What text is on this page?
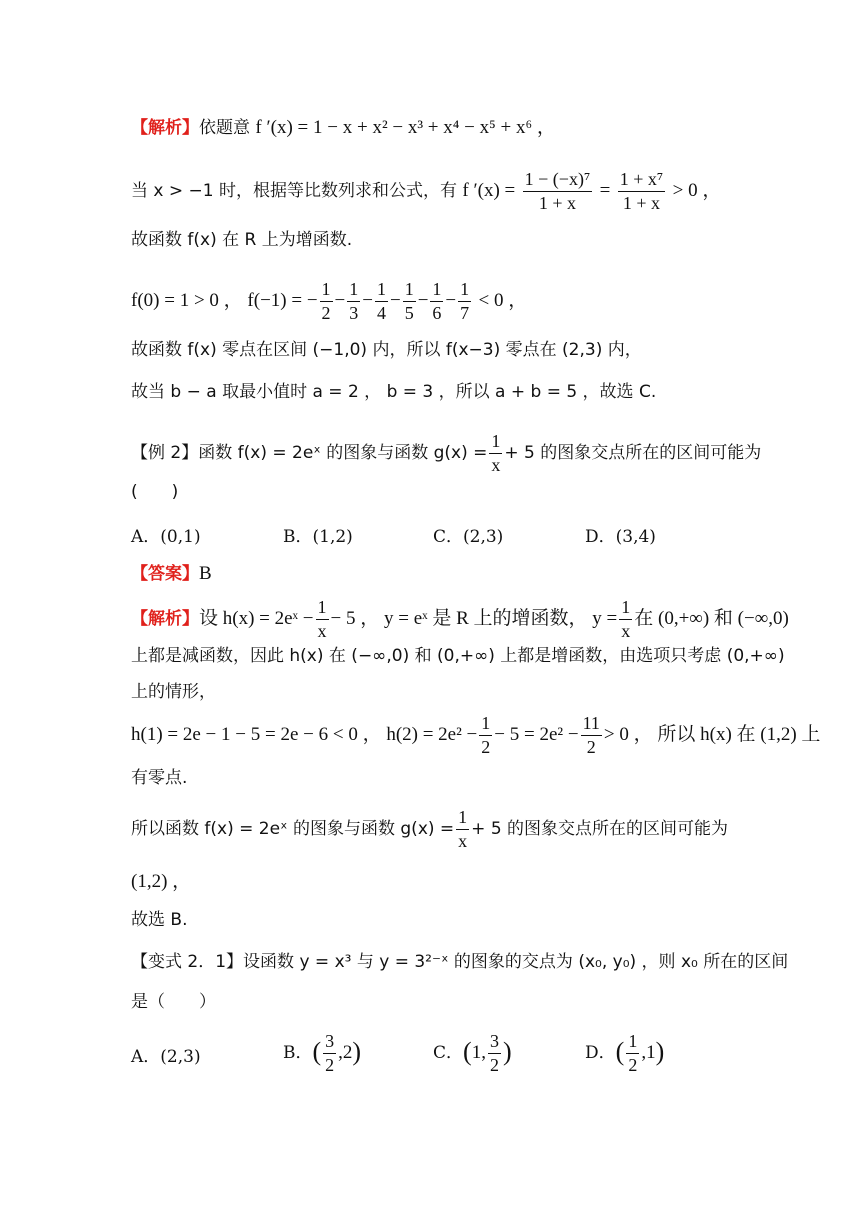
【解析】依题意 f ′(x) = 1 − x + x² − x³ + x⁴ − x⁵ + x⁶ ，
当 x > −1 时，根据等比数列求和公式，有 f $'(x) = \frac{\text{1 − (−x)⁷}}{1 + x} = \frac{\text{1 + x⁷}}{1 + x} > 0$ ，
故函数 f(x) 在 R 上为增函数.
f(0) = 1 > 0 ， f(−1) = − $\frac{1}{2} - \frac{1}{3} - \frac{1}{4} - \frac{1}{5} - \frac{1}{6} - \frac{1}{7} < 0$ ，
故函数 f(x) 零点在区间 (−1,0) 内，所以 f(x−3) 零点在 (2,3) 内，
故当 b − a 取最小值时 a = 2 ， b = 3 ，所以 a + b = 5 ，故选 C.
【例 2】函数 f(x) = 2eˣ 的图象与函数 $g(x) = \frac{1}{x} + 5$ 的图象交点所在的区间可能为
(　　)
A．(0,1)	B．(1,2)	C．(2,3)	D．(3,4)
【答案】B
【解析】设 h(x) = 2eˣ − $\frac{1}{x} - 5$ ， y = eˣ 是 R 上的增函数， $y = \frac{1}{x}$ 在 (0,+∞) 和 (−∞,0)
上都是减函数，因此 h(x) 在 (−∞,0) 和 (0,+∞) 上都是增函数，由选项只考虑 (0,+∞)
上的情形，
h(1) = 2e − 1 − 5 = 2e − 6 < 0 ， $h(2) = 2e^2 - \frac{1}{2} - 5 = 2e^2 - \frac{11}{2} > 0$ ， 所以 h(x) 在 (1,2) 上
有零点.
所以函数 f(x) = 2eˣ 的图象与函数 $g(x) = \frac{1}{x} + 5$ 的图象交点所在的区间可能为
(1,2) ，
故选 B.
【变式 2．1】设函数 y = x³ 与 y = 3²⁻ˣ 的图象的交点为 (x₀, y₀) ，则 x₀ 所在的区间
是（　　）
A．(2,3)	B．( $\frac{3}{2} ,2$)	C．(1, $\frac{3}{2}$ )	D．( $\frac{1}{2} ,1$)
